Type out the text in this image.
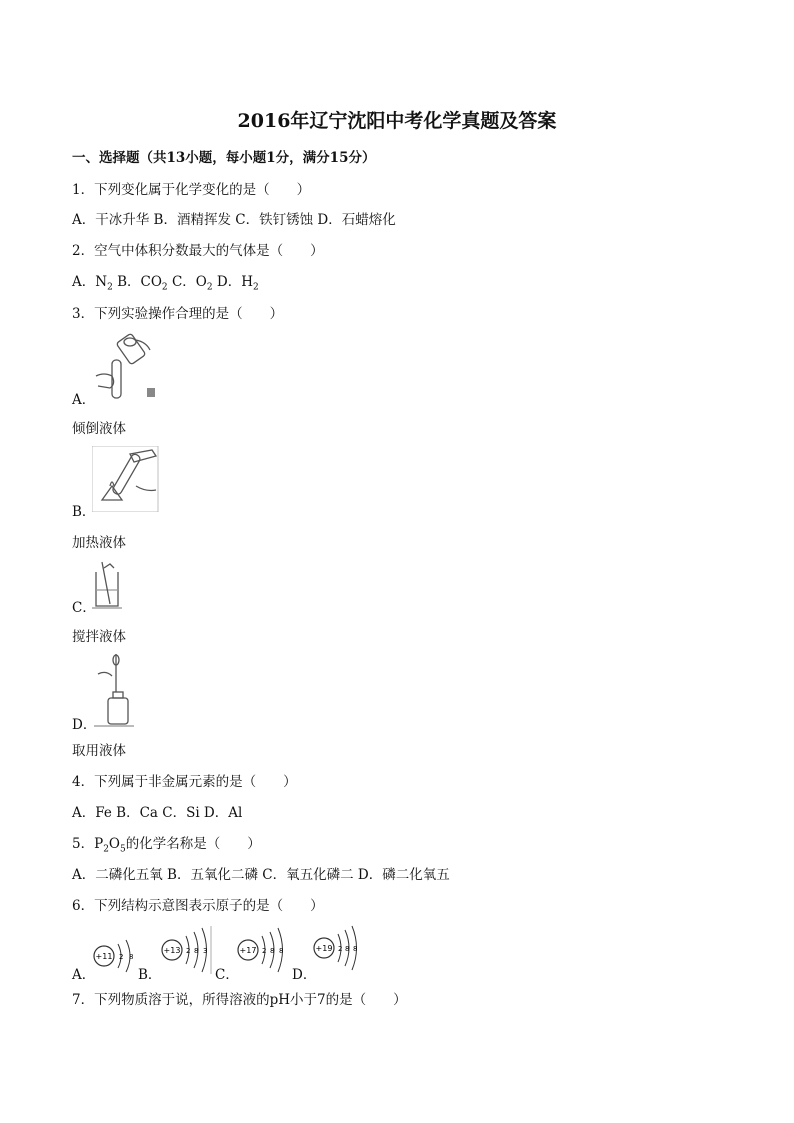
2016年辽宁沈阳中考化学真题及答案
一、选择题（共13小题，每小题1分，满分15分）
1．下列变化属于化学变化的是（　　）
A．干冰升华 B．酒精挥发 C．铁钉锈蚀 D．石蜡熔化
2．空气中体积分数最大的气体是（　　）
A．$N_2$ B．$CO_2$ C．$O_2$ D．$H_2$
3．下列实验操作合理的是（　　）
A．
倾倒液体
B．
加热液体
C．
搅拌液体
D．
取用液体
4．下列属于非金属元素的是（　　）
A．Fe B．Ca C．Si D．Al
5．$P_2O_5$的化学名称是（　　）
A．二磷化五氧 B．五氧化二磷 C．氧五化磷二 D．磷二化氧五
6．下列结构示意图表示原子的是（　　）
A．	B．	C．	D．
+11 2 8
+13 2 8 3	+17 2 8 8	+19 2 8 8
7．下列物质溶于说，所得溶液的pH小于7的是（　　）
